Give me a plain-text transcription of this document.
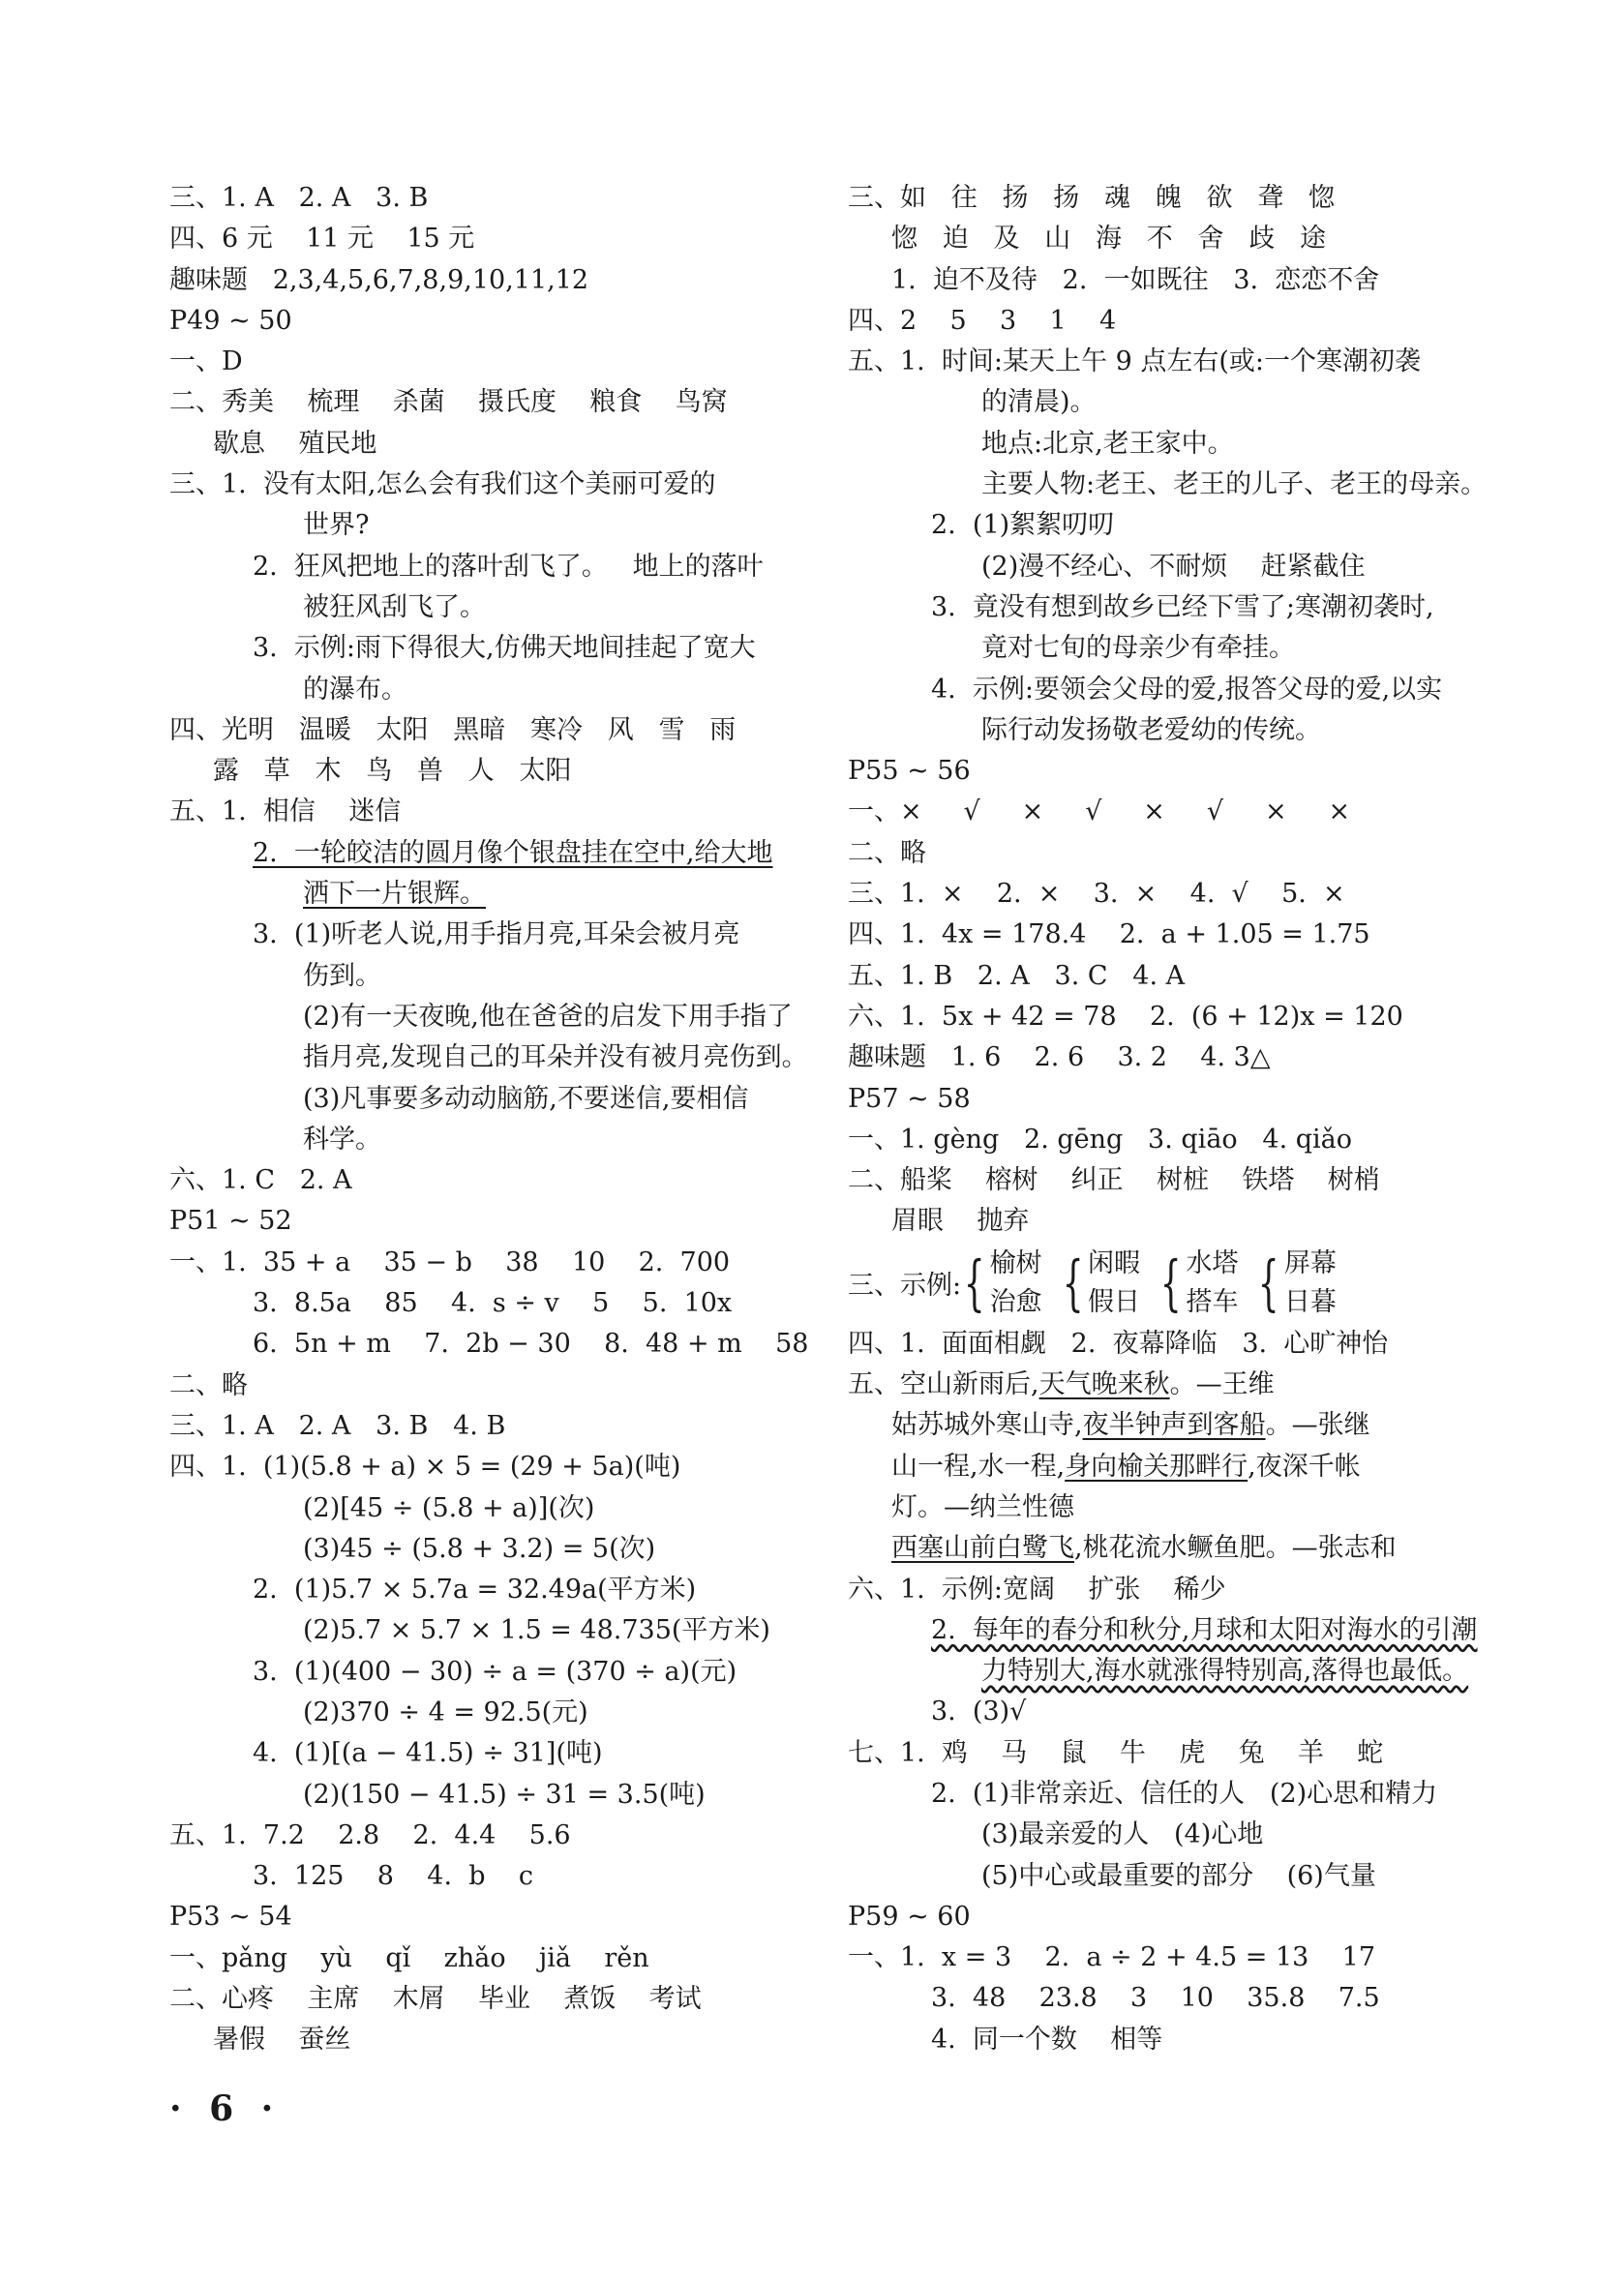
三、1. A   2. A   3. B
四、6 元    11 元    15 元
趣味题   2,3,4,5,6,7,8,9,10,11,12
P49 ~ 50
一、D
二、秀美    梳理    杀菌    摄氏度    粮食    鸟窝
歇息    殖民地
三、1.  没有太阳,怎么会有我们这个美丽可爱的
世界?
2.  狂风把地上的落叶刮飞了。   地上的落叶
被狂风刮飞了。
3.  示例:雨下得很大,仿佛天地间挂起了宽大
的瀑布。
四、光明   温暖   太阳   黑暗   寒冷   风   雪   雨
露   草   木   鸟   兽   人   太阳
五、1.  相信    迷信
2.  一轮皎洁的圆月像个银盘挂在空中,给大地
洒下一片银辉。
3.  (1)听老人说,用手指月亮,耳朵会被月亮
伤到。
(2)有一天夜晚,他在爸爸的启发下用手指了
指月亮,发现自己的耳朵并没有被月亮伤到。
(3)凡事要多动动脑筋,不要迷信,要相信
科学。
六、1. C   2. A
P51 ~ 52
一、1.  35 + a    35 − b    38    10    2.  700
3.  8.5a    85    4.  s ÷ v    5    5.  10x
6.  5n + m    7.  2b − 30    8.  48 + m    58
二、略
三、1. A   2. A   3. B   4. B
四、1.  (1)(5.8 + a) × 5 = (29 + 5a)(吨)
(2)[45 ÷ (5.8 + a)](次)
(3)45 ÷ (5.8 + 3.2) = 5(次)
2.  (1)5.7 × 5.7a = 32.49a(平方米)
(2)5.7 × 5.7 × 1.5 = 48.735(平方米)
3.  (1)(400 − 30) ÷ a = (370 ÷ a)(元)
(2)370 ÷ 4 = 92.5(元)
4.  (1)[(a − 41.5) ÷ 31](吨)
(2)(150 − 41.5) ÷ 31 = 3.5(吨)
五、1.  7.2    2.8    2.  4.4    5.6
3.  125    8    4.  b    c
P53 ~ 54
一、pǎng    yù    qǐ    zhǎo    jiǎ    rěn
二、心疼    主席    木屑    毕业    煮饭    考试
暑假    蚕丝
三、如   往   扬   扬   魂   魄   欲   聋   惚
惚   迫   及   山   海   不   舍   歧   途
1.  迫不及待   2.  一如既往   3.  恋恋不舍
四、2    5    3    1    4
五、1.  时间:某天上午 9 点左右(或:一个寒潮初袭
的清晨)。
地点:北京,老王家中。
主要人物:老王、老王的儿子、老王的母亲。
2.  (1)絮絮叨叨
(2)漫不经心、不耐烦    赶紧截住
3.  竟没有想到故乡已经下雪了;寒潮初袭时,
竟对七旬的母亲少有牵挂。
4.  示例:要领会父母的爱,报答父母的爱,以实
际行动发扬敬老爱幼的传统。
P55 ~ 56
一、×     √     ×     √     ×     √     ×     ×
二、略
三、1.  ×    2.  ×    3.  ×    4.  √    5.  ×
四、1.  4x = 178.4    2.  a + 1.05 = 1.75
五、1. B   2. A   3. C   4. A
六、1.  5x + 42 = 78    2.  (6 + 12)x = 120
趣味题   1. 6    2. 6    3. 2    4. 3△
P57 ~ 58
一、1. gèng   2. gēng   3. qiāo   4. qiǎo
二、船桨    榕树    纠正    树桩    铁塔    树梢
眉眼    抛弃
三、示例: { 榆树
治愈 { 闲暇
假日 { 水塔
搭车 { 屏幕
日暮
四、1.  面面相觑   2.  夜幕降临   3.  心旷神怡
五、空山新雨后,天气晚来秋。—王维
姑苏城外寒山寺,夜半钟声到客船。—张继
山一程,水一程,身向榆关那畔行,夜深千帐
灯。—纳兰性德
西塞山前白鹭飞,桃花流水鳜鱼肥。—张志和
六、1.  示例:宽阔    扩张    稀少
2.  每年的春分和秋分,月球和太阳对海水的引潮
力特别大,海水就涨得特别高,落得也最低。
3.  (3)√
七、1.  鸡    马    鼠    牛    虎    兔    羊    蛇
2.  (1)非常亲近、信任的人   (2)心思和精力
(3)最亲爱的人   (4)心地
(5)中心或最重要的部分    (6)气量
P59 ~ 60
一、1.  x = 3    2.  a ÷ 2 + 4.5 = 13    17
3.  48    23.8    3    10    35.8    7.5
4.  同一个数    相等
· 6 ·
